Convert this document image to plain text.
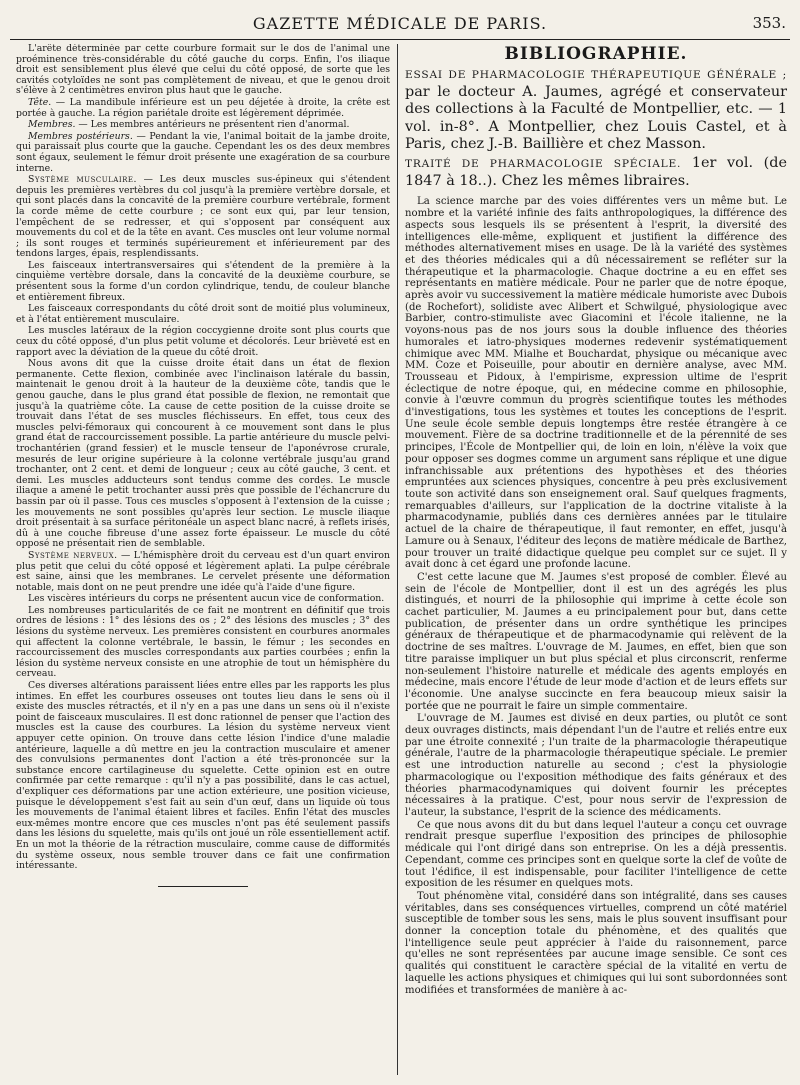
GAZETTE MÉDICALE DE PARIS.	353.

L'arête déterminée par cette courbure formait sur le dos de l'animal une proéminence très-considérable du côté gauche du corps. Enfin, l'os iliaque droit est sensiblement plus élevé que celui du côté opposé, de sorte que les cavités cotyloïdes ne sont pas complètement de niveau, et que le genou droit s'élève à 2 centimètres environ plus haut que le gauche.

Tête. — La mandibule inférieure est un peu déjetée à droite, la crête est portée à gauche. La région pariétale droite est légèrement déprimée.

Membres. — Les membres antérieurs ne présentent rien d'anormal.

Membres postérieurs. — Pendant la vie, l'animal boitait de la jambe droite, qui paraissait plus courte que la gauche. Cependant les os des deux membres sont égaux, seulement le fémur droit présente une exagération de sa courbure interne.

Système musculaire. — Les deux muscles sus-épineux qui s'étendent depuis les premières vertèbres du col jusqu'à la première vertèbre dorsale, et qui sont placés dans la concavité de la première courbure vertébrale, forment la corde même de cette courbure ; ce sont eux qui, par leur tension, l'empêchent de se redresser, et qui s'opposent par conséquent aux mouvements du col et de la tête en avant. Ces muscles ont leur volume normal ; ils sont rouges et terminés supérieurement et inférieurement par des tendons larges, épais, resplendissants.

Les faisceaux intertransversaires qui s'étendent de la première à la cinquième vertèbre dorsale, dans la concavité de la deuxième courbure, se présentent sous la forme d'un cordon cylindrique, tendu, de couleur blanche et entièrement fibreux.

Les faisceaux correspondants du côté droit sont de moitié plus volumineux, et à l'état entièrement musculaire.

Les muscles latéraux de la région coccygienne droite sont plus courts que ceux du côté opposé, d'un plus petit volume et décolorés. Leur brièveté est en rapport avec la déviation de la queue du côté droit.

Nous avons dit que la cuisse droite était dans un état de flexion permanente. Cette flexion, combinée avec l'inclinaison latérale du bassin, maintenait le genou droit à la hauteur de la deuxième côte, tandis que le genou gauche, dans le plus grand état possible de flexion, ne remontait que jusqu'à la quatrième côte. La cause de cette position de la cuisse droite se trouvait dans l'état de ses muscles fléchisseurs. En effet, tous ceux des muscles pelvi-fémoraux qui concourent à ce mouvement sont dans le plus grand état de raccourcissement possible. La partie antérieure du muscle pelvi-trochantérien (grand fessier) et le muscle tenseur de l'aponévrose crurale, mesurés de leur origine supérieure à la colonne vertébrale jusqu'au grand trochanter, ont 2 cent. et demi de longueur ; ceux au côté gauche, 3 cent. et demi. Les muscles adducteurs sont tendus comme des cordes. Le muscle iliaque a amené le petit trochanter aussi près que possible de l'échancrure du bassin par où il passe. Tous ces muscles s'opposent à l'extension de la cuisse ; les mouvements ne sont possibles qu'après leur section. Le muscle iliaque droit présentait à sa surface péritonéale un aspect blanc nacré, à reflets irisés, dû à une couche fibreuse d'une assez forte épaisseur. Le muscle du côté opposé ne présentait rien de semblable.

Système nerveux. — L'hémisphère droit du cerveau est d'un quart environ plus petit que celui du côté opposé et légèrement aplati. La pulpe cérébrale est saine, ainsi que les membranes. Le cervelet présente une déformation notable, mais dont on ne peut prendre une idée qu'à l'aide d'une figure.

Les viscères intérieurs du corps ne présentent aucun vice de conformation.

Les nombreuses particularités de ce fait ne montrent en définitif que trois ordres de lésions : 1° des lésions des os ; 2° des lésions des muscles ; 3° des lésions du système nerveux. Les premières consistent en courbures anormales qui affectent la colonne vertébrale, le bassin, le fémur ; les secondes en raccourcissement des muscles correspondants aux parties courbées ; enfin la lésion du système nerveux consiste en une atrophie de tout un hémisphère du cerveau.

Ces diverses altérations paraissent liées entre elles par les rapports les plus intimes. En effet les courbures osseuses ont toutes lieu dans le sens où il existe des muscles rétractés, et il n'y en a pas une dans un sens où il n'existe point de faisceaux musculaires. Il est donc rationnel de penser que l'action des muscles est la cause des courbures. La lésion du système nerveux vient appuyer cette opinion. On trouve dans cette lésion l'indice d'une maladie antérieure, laquelle a dû mettre en jeu la contraction musculaire et amener des convulsions permanentes dont l'action a été très-prononcée sur la substance encore cartilagineuse du squelette. Cette opinion est en outre confirmée par cette remarque : qu'il n'y a pas possibilité, dans le cas actuel, d'expliquer ces déformations par une action extérieure, une position vicieuse, puisque le développement s'est fait au sein d'un œuf, dans un liquide où tous les mouvements de l'animal étaient libres et faciles. Enfin l'état des muscles eux-mêmes montre encore que ces muscles n'ont pas été seulement passifs dans les lésions du squelette, mais qu'ils ont joué un rôle essentiellement actif. En un mot la théorie de la rétraction musculaire, comme cause de difformités du système osseux, nous semble trouver dans ce fait une confirmation intéressante.

BIBLIOGRAPHIE.
ESSAI DE PHARMACOLOGIE THÉRAPEUTIQUE GÉNÉRALE ; par le docteur A. Jaumes, agrégé et conservateur des collections à la Faculté de Montpellier, etc. — 1 vol. in-8°. A Montpellier, chez Louis Castel, et à Paris, chez J.-B. Baillière et chez Masson.
TRAITÉ DE PHARMACOLOGIE SPÉCIALE. 1er vol. (de 1847 à 18..). Chez les mêmes libraires.

La science marche par des voies différentes vers un même but. Le nombre et la variété infinie des faits anthropologiques, la différence des aspects sous lesquels ils se présentent à l'esprit, la diversité des intelligences elle-même, expliquent et justifient la différence des méthodes alternativement mises en usage. De là la variété des systèmes et des théories médicales qui a dû nécessairement se refléter sur la thérapeutique et la pharmacologie. Chaque doctrine a eu en effet ses représentants en matière médicale. Pour ne parler que de notre époque, après avoir vu successivement la matière médicale humoriste avec Dubois (de Rochefort), solidiste avec Alibert et Schwilgué, physiologique avec Barbier, contro-stimuliste avec Giacomini et l'école italienne, ne la voyons-nous pas de nos jours sous la double influence des théories humorales et iatro-physiques modernes redevenir systématiquement chimique avec MM. Mialhe et Bouchardat, physique ou mécanique avec MM. Coze et Poiseuille, pour aboutir en dernière analyse, avec MM. Trousseau et Pidoux, à l'empirisme, expression ultime de l'esprit éclectique de notre époque, qui, en médecine comme en philosophie, convie à l'œuvre commun du progrès scientifique toutes les méthodes d'investigations, tous les systèmes et toutes les conceptions de l'esprit. Une seule école semble depuis longtemps être restée étrangère à ce mouvement. Fière de sa doctrine traditionnelle et de la pérennité de ses principes, l'École de Montpellier qui, de loin en loin, n'élève la voix que pour opposer ses dogmes comme un argument sans réplique et une digue infranchissable aux prétentions des hypothèses et des théories empruntées aux sciences physiques, concentre à peu près exclusivement toute son activité dans son enseignement oral. Sauf quelques fragments, remarquables d'ailleurs, sur l'application de la doctrine vitaliste à la pharmacodynamie, publiés dans ces dernières années par le titulaire actuel de la chaire de thérapeutique, il faut remonter, en effet, jusqu'à Lamure ou à Senaux, l'éditeur des leçons de matière médicale de Barthez, pour trouver un traité didactique quelque peu complet sur ce sujet. Il y avait donc à cet égard une profonde lacune.

C'est cette lacune que M. Jaumes s'est proposé de combler. Élevé au sein de l'école de Montpellier, dont il est un des agrégés les plus distingués, et nourri de la philosophie qui imprime à cette école son cachet particulier, M. Jaumes a eu principalement pour but, dans cette publication, de présenter dans un ordre synthétique les principes généraux de thérapeutique et de pharmacodynamie qui relèvent de la doctrine de ses maîtres. L'ouvrage de M. Jaumes, en effet, bien que son titre paraisse impliquer un but plus spécial et plus circonscrit, renferme non-seulement l'histoire naturelle et médicale des agents employés en médecine, mais encore l'étude de leur mode d'action et de leurs effets sur l'économie. Une analyse succincte en fera beaucoup mieux saisir la portée que ne pourrait le faire un simple commentaire.

L'ouvrage de M. Jaumes est divisé en deux parties, ou plutôt ce sont deux ouvrages distincts, mais dépendant l'un de l'autre et reliés entre eux par une étroite connexité ; l'un traite de la pharmacologie thérapeutique générale, l'autre de la pharmacologie thérapeutique spéciale. Le premier est une introduction naturelle au second ; c'est la physiologie pharmacologique ou l'exposition méthodique des faits généraux et des théories pharmacodynamiques qui doivent fournir les préceptes nécessaires à la pratique. C'est, pour nous servir de l'expression de l'auteur, la substance, l'esprit de la science des médicaments.

Ce que nous avons dit du but dans lequel l'auteur a conçu cet ouvrage rendrait presque superflue l'exposition des principes de philosophie médicale qui l'ont dirigé dans son entreprise. On les a déjà pressentis. Cependant, comme ces principes sont en quelque sorte la clef de voûte de tout l'édifice, il est indispensable, pour faciliter l'intelligence de cette exposition de les résumer en quelques mots.

Tout phénomène vital, considéré dans son intégralité, dans ses causes véritables, dans ses conséquences virtuelles, comprend un côté matériel susceptible de tomber sous les sens, mais le plus souvent insuffisant pour donner la conception totale du phénomène, et des qualités que l'intelligence seule peut apprécier à l'aide du raisonnement, parce qu'elles ne sont représentées par aucune image sensible. Ce sont ces qualités qui constituent le caractère spécial de la vitalité en vertu de laquelle les actions physiques et chimiques qui lui sont subordonnées sont modifiées et transformées de manière à ac-
